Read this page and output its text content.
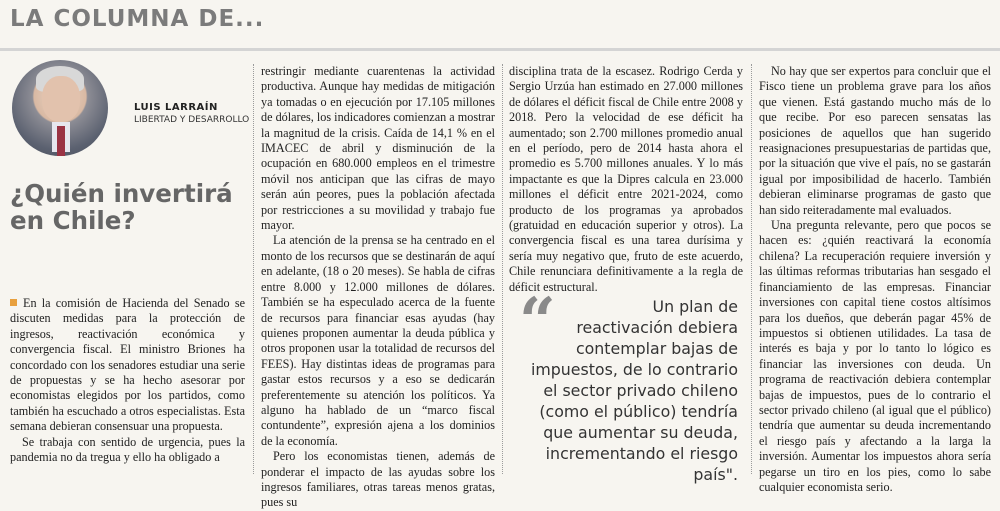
LA COLUMNA DE...
LUIS LARRAÍN
LIBERTAD Y DESARROLLO
¿Quién invertirá en Chile?

En la comisión de Hacienda del Senado se discuten medidas para la protección de ingresos, reactivación económica y convergencia fiscal. El ministro Briones ha concordado con los senadores estudiar una serie de propuestas y se ha hecho asesorar por economistas elegidos por los partidos, como también ha escuchado a otros especialistas. Esta semana debieran consensuar una propuesta.

Se trabaja con sentido de urgencia, pues la pandemia no da tregua y ello ha obligado a

restringir mediante cuarentenas la actividad productiva. Aunque hay medidas de mitigación ya tomadas o en ejecución por 17.105 millones de dólares, los indicadores comienzan a mostrar la magnitud de la crisis. Caída de 14,1 % en el IMACEC de abril y disminución de la ocupación en 680.000 empleos en el trimestre móvil nos anticipan que las cifras de mayo serán aún peores, pues la población afectada por restricciones a su movilidad y trabajo fue mayor.

La atención de la prensa se ha centrado en el monto de los recursos que se destinarán de aquí en adelante, (18 o 20 meses). Se habla de cifras entre 8.000 y 12.000 millones de dólares. También se ha especulado acerca de la fuente de recursos para financiar esas ayudas (hay quienes proponen aumentar la deuda pública y otros proponen usar la totalidad de recursos del FEES). Hay distintas ideas de programas para gastar estos recursos y a eso se dedicarán preferentemente su atención los políticos. Ya alguno ha hablado de un “marco fiscal contundente”, expresión ajena a los dominios de la economía.

Pero los economistas tienen, además de ponderar el impacto de las ayudas sobre los ingresos familiares, otras tareas menos gratas, pues su

disciplina trata de la escasez. Rodrigo Cerda y Sergio Urzúa han estimado en 27.000 millones de dólares el déficit fiscal de Chile entre 2008 y 2018. Pero la velocidad de ese déficit ha aumentado; son 2.700 millones promedio anual en el período, pero de 2014 hasta ahora el promedio es 5.700 millones anuales. Y lo más impactante es que la Dipres calcula en 23.000 millones el déficit entre 2021-2024, como producto de los programas ya aprobados (gratuidad en educación superior y otros). La convergencia fiscal es una tarea durísima y sería muy negativo que, fruto de este acuerdo, Chile renunciara definitivamente a la regla de déficit estructural.

“	Un plan de reactivación debiera contemplar bajas de impuestos, de lo contrario el sector privado chileno (como el público) tendría que aumentar su deuda, incrementando el riesgo país".

No hay que ser expertos para concluir que el Fisco tiene un problema grave para los años que vienen. Está gastando mucho más de lo que recibe. Por eso parecen sensatas las posiciones de aquellos que han sugerido reasignaciones presupuestarias de partidas que, por la situación que vive el país, no se gastarán igual por imposibilidad de hacerlo. También debieran eliminarse programas de gasto que han sido reiteradamente mal evaluados.

Una pregunta relevante, pero que pocos se hacen es: ¿quién reactivará la economía chilena? La recuperación requiere inversión y las últimas reformas tributarias han sesgado el financiamiento de las empresas. Financiar inversiones con capital tiene costos altísimos para los dueños, que deberán pagar 45% de impuestos si obtienen utilidades. La tasa de interés es baja y por lo tanto lo lógico es financiar las inversiones con deuda. Un programa de reactivación debiera contemplar bajas de impuestos, pues de lo contrario el sector privado chileno (al igual que el público) tendría que aumentar su deuda incrementando el riesgo país y afectando a la larga la inversión. Aumentar los impuestos ahora sería pegarse un tiro en los pies, como lo sabe cualquier economista serio.
